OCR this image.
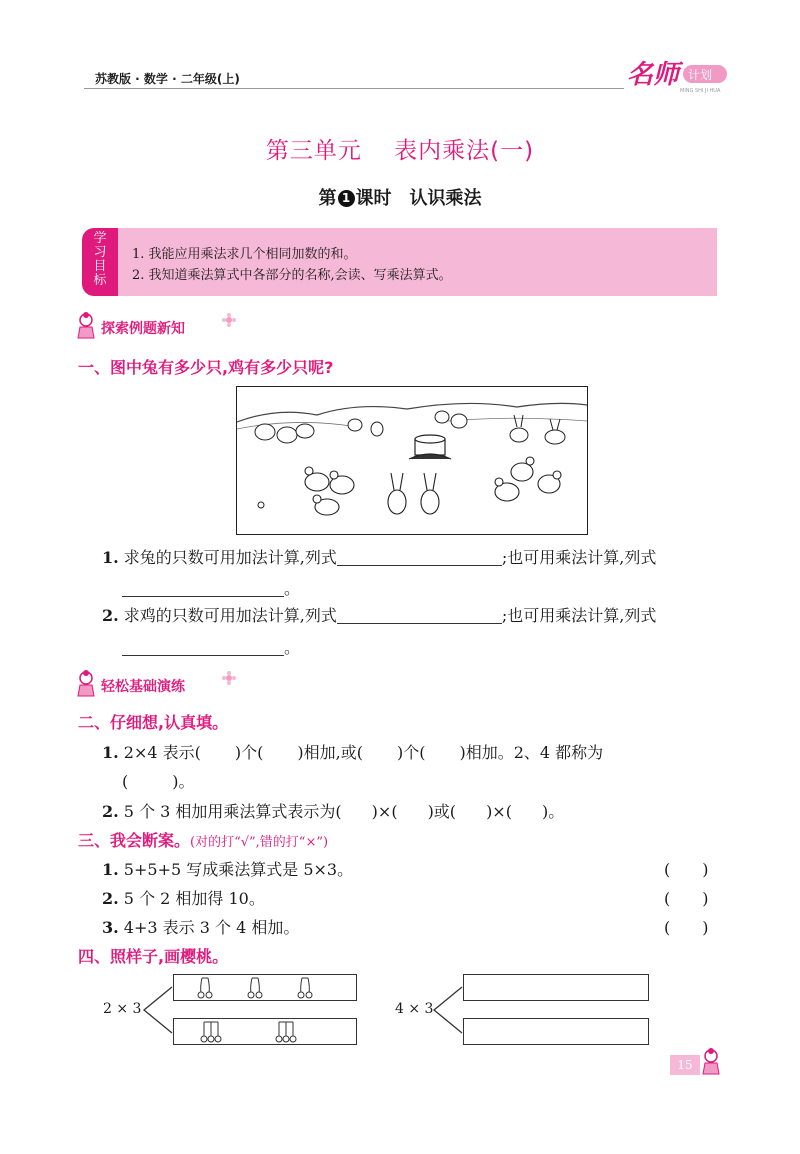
苏教版 · 数学 · 二年级(上)	名师 计划
MING SHI JI HUA
第三单元　 表内乘法(一)
第 1 课时　认识乘法
学习目标
1. 我能应用乘法求几个相同加数的和。
2. 我知道乘法算式中各部分的名称,会读、写乘法算式。
探索例题新知
一、图中兔有多少只,鸡有多少只呢?
1. 求兔的只数可用加法计算,列式	;也可用乘法计算,列式
。
2. 求鸡的只数可用加法计算,列式	;也可用乘法计算,列式
。
轻松基础演练
二、仔细想,认真填。
1. 2×4 表示( )个( )相加,或( )个( )相加。2、4 都称为
(	)。
2. 5 个 3 相加用乘法算式表示为( )×( )或( )×( )。
三、我会断案。(对的打“√”,错的打“×”)
1. 5+5+5 写成乘法算式是 5×3。	(　　)
2. 5 个 2 相加得 10。	(　　)
3. 4+3 表示 3 个 4 相加。	(　　)
四、照样子,画樱桃。
2 × 3	4 × 3
15
